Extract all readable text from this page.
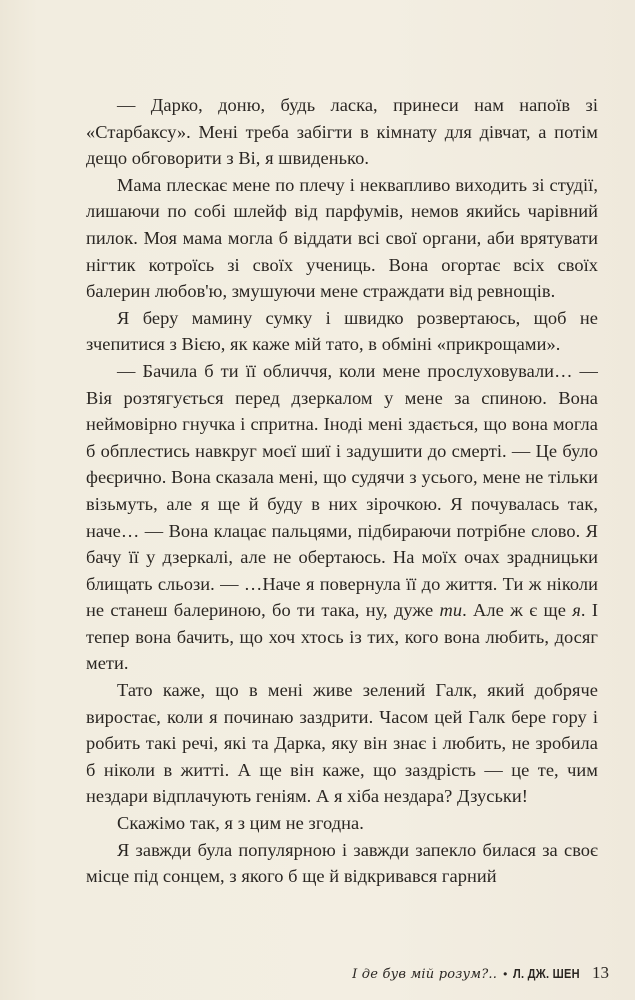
— Дарко, доню, будь ласка, принеси нам напоїв зі «Старбаксу». Мені треба забігти в кімнату для дівчат, а потім дещо обговорити з Ві, я швиденько.

Мама плескає мене по плечу і неквапливо виходить зі студії, лишаючи по собі шлейф від парфумів, немов якийсь чарівний пилок. Моя мама могла б віддати всі свої органи, аби врятувати нігтик котроїсь зі своїх учениць. Вона огортає всіх своїх балерин любов'ю, змушуючи мене страждати від ревнощів.

Я беру мамину сумку і швидко розвертаюсь, щоб не зчепитися з Вією, як каже мій тато, в обміні «прикрощами».

— Бачила б ти її обличчя, коли мене прослуховували… — Вія розтягується перед дзеркалом у мене за спиною. Вона неймовірно гнучка і спритна. Іноді мені здається, що вона могла б обплестись навкруг моєї шиї і задушити до смерті. — Це було феєрично. Вона сказала мені, що судячи з усього, мене не тільки візьмуть, але я ще й буду в них зірочкою. Я почувалась так, наче… — Вона клацає пальцями, підбираючи потрібне слово. Я бачу її у дзеркалі, але не обертаюсь. На моїх очах зрадницьки блищать сльози. — …Наче я повернула її до життя. Ти ж ніколи не станеш балериною, бо ти така, ну, дуже ти. Але ж є ще я. І тепер вона бачить, що хоч хтось із тих, кого вона любить, досяг мети.

Тато каже, що в мені живе зелений Галк, який добряче виростає, коли я починаю заздрити. Часом цей Галк бере гору і робить такі речі, які та Дарка, яку він знає і любить, не зробила б ніколи в житті. А ще він каже, що заздрість — це те, чим нездари відплачують геніям. А я хіба нездара? Дзуськи!

Скажімо так, я з цим не згодна.

Я завжди була популярною і завжди запекло билася за своє місце під сонцем, з якого б ще й відкривався гарний

І де був мій розум?.. • Л. ДЖ. ШЕН 13
